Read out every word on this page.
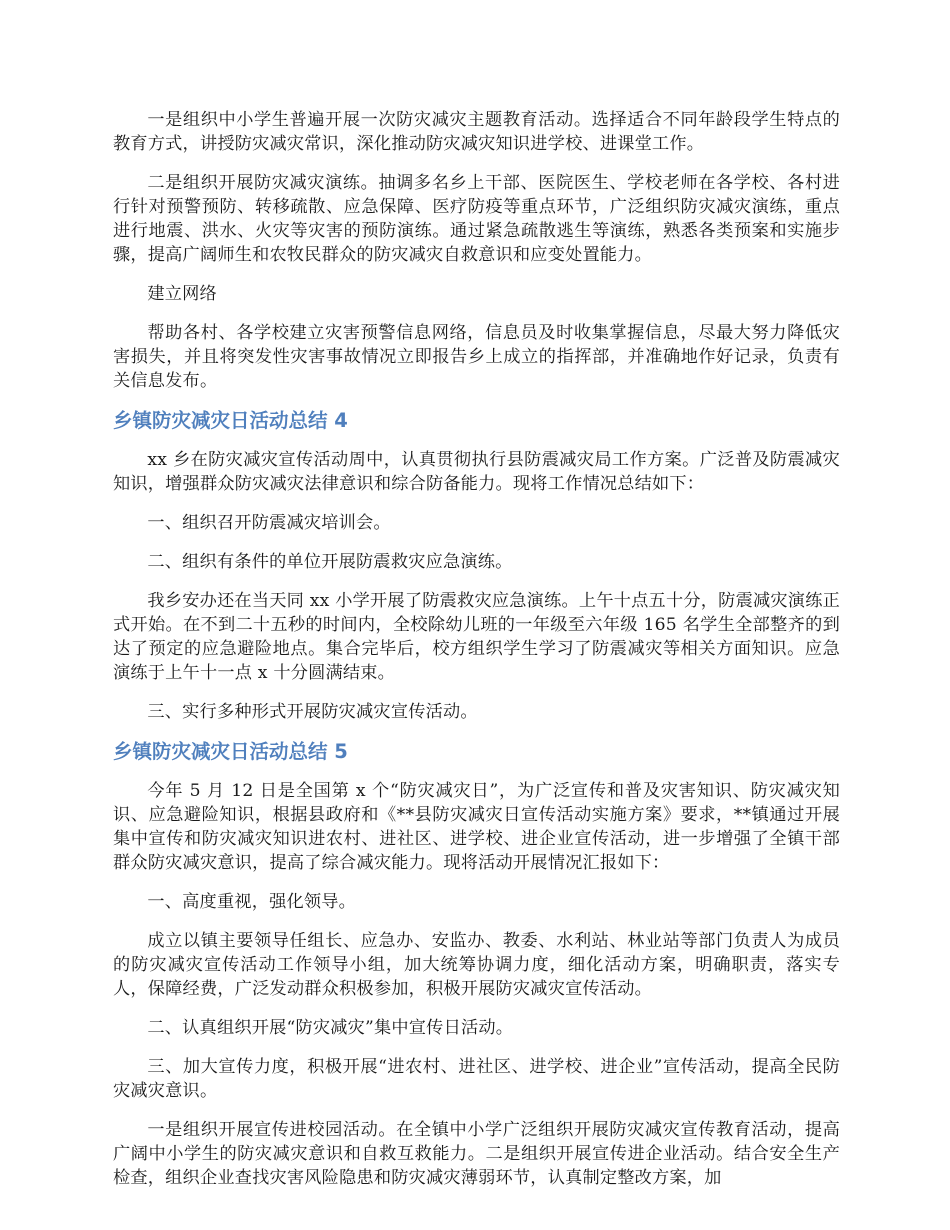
一是组织中小学生普遍开展一次防灾减灾主题教育活动。选择适合不同年龄段学生特点的教育方式，讲授防灾减灾常识，深化推动防灾减灾知识进学校、进课堂工作。

二是组织开展防灾减灾演练。抽调多名乡上干部、医院医生、学校老师在各学校、各村进行针对预警预防、转移疏散、应急保障、医疗防疫等重点环节，广泛组织防灾减灾演练，重点进行地震、洪水、火灾等灾害的预防演练。通过紧急疏散逃生等演练，熟悉各类预案和实施步骤，提高广阔师生和农牧民群众的防灾减灾自救意识和应变处置能力。

建立网络

帮助各村、各学校建立灾害预警信息网络，信息员及时收集掌握信息，尽最大努力降低灾害损失，并且将突发性灾害事故情况立即报告乡上成立的指挥部，并准确地作好记录，负责有关信息发布。

乡镇防灾减灾日活动总结 4

xx 乡在防灾减灾宣传活动周中，认真贯彻执行县防震减灾局工作方案。广泛普及防震减灾知识，增强群众防灾减灾法律意识和综合防备能力。现将工作情况总结如下：

一、组织召开防震减灾培训会。

二、组织有条件的单位开展防震救灾应急演练。

我乡安办还在当天同 xx 小学开展了防震救灾应急演练。上午十点五十分，防震减灾演练正式开始。在不到二十五秒的时间内，全校除幼儿班的一年级至六年级 165 名学生全部整齐的到达了预定的应急避险地点。集合完毕后，校方组织学生学习了防震减灾等相关方面知识。应急演练于上午十一点 x 十分圆满结束。

三、实行多种形式开展防灾减灾宣传活动。

乡镇防灾减灾日活动总结 5

今年 5 月 12 日是全国第 x 个“防灾减灾日”，为广泛宣传和普及灾害知识、防灾减灾知识、应急避险知识，根据县政府和《**县防灾减灾日宣传活动实施方案》要求，**镇通过开展集中宣传和防灾减灾知识进农村、进社区、进学校、进企业宣传活动，进一步增强了全镇干部群众防灾减灾意识，提高了综合减灾能力。现将活动开展情况汇报如下：

一、高度重视，强化领导。

成立以镇主要领导任组长、应急办、安监办、教委、水利站、林业站等部门负责人为成员的防灾减灾宣传活动工作领导小组，加大统筹协调力度，细化活动方案，明确职责，落实专人，保障经费，广泛发动群众积极参加，积极开展防灾减灾宣传活动。

二、认真组织开展“防灾减灾”集中宣传日活动。

三、加大宣传力度，积极开展“进农村、进社区、进学校、进企业”宣传活动，提高全民防灾减灾意识。

一是组织开展宣传进校园活动。在全镇中小学广泛组织开展防灾减灾宣传教育活动，提高广阔中小学生的防灾减灾意识和自救互救能力。二是组织开展宣传进企业活动。结合安全生产检查，组织企业查找灾害风险隐患和防灾减灾薄弱环节，认真制定整改方案，加
